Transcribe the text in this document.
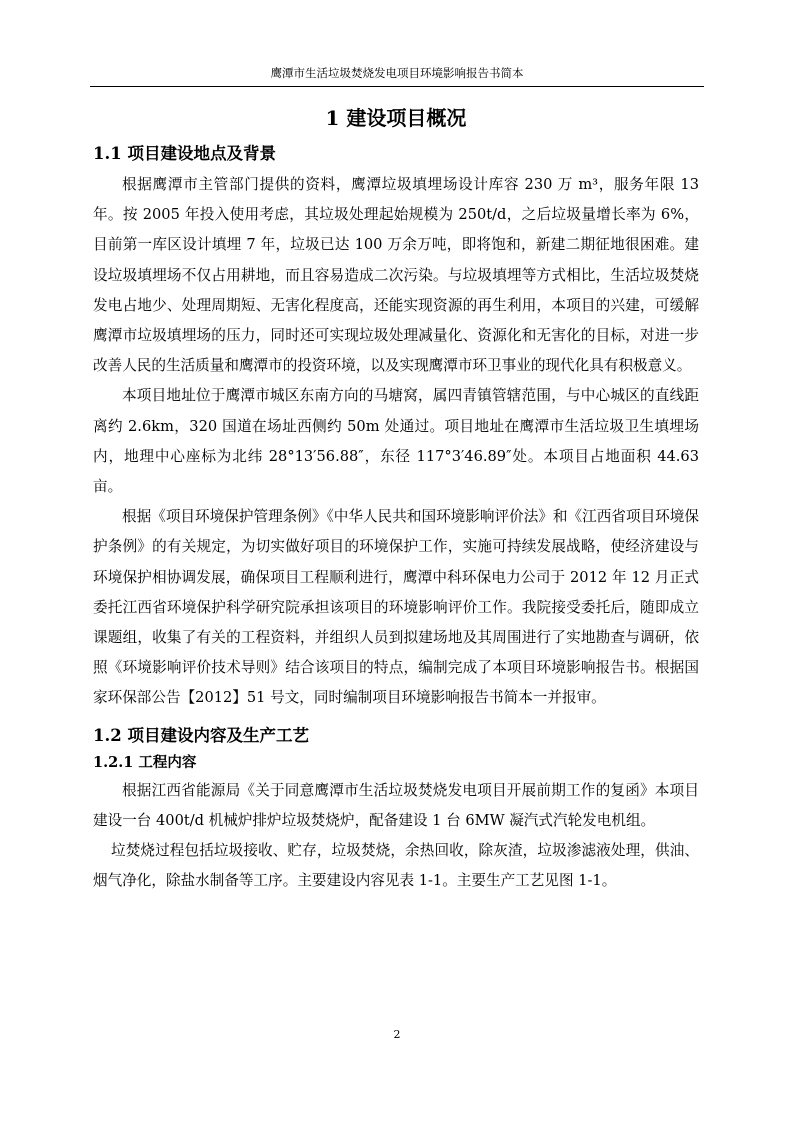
鹰潭市生活垃圾焚烧发电项目环境影响报告书简本
1 建设项目概况
1.1 项目建设地点及背景

根据鹰潭市主管部门提供的资料，鹰潭垃圾填埋场设计库容 230 万 m³，服务年限 13 年。按 2005 年投入使用考虑，其垃圾处理起始规模为 250t/d，之后垃圾量增长率为 6%，目前第一库区设计填埋 7 年，垃圾已达 100 万余万吨，即将饱和，新建二期征地很困难。建设垃圾填埋场不仅占用耕地，而且容易造成二次污染。与垃圾填埋等方式相比，生活垃圾焚烧发电占地少、处理周期短、无害化程度高，还能实现资源的再生利用，本项目的兴建，可缓解鹰潭市垃圾填埋场的压力，同时还可实现垃圾处理减量化、资源化和无害化的目标，对进一步改善人民的生活质量和鹰潭市的投资环境，以及实现鹰潭市环卫事业的现代化具有积极意义。

本项目地址位于鹰潭市城区东南方向的马塘窝，属四青镇管辖范围，与中心城区的直线距离约 2.6km，320 国道在场址西侧约 50m 处通过。项目地址在鹰潭市生活垃圾卫生填埋场内，地理中心座标为北纬 28°13′56.88″，东径 117°3′46.89″处。本项目占地面积 44.63 亩。

根据《项目环境保护管理条例》《中华人民共和国环境影响评价法》和《江西省项目环境保护条例》的有关规定，为切实做好项目的环境保护工作，实施可持续发展战略，使经济建设与环境保护相协调发展，确保项目工程顺利进行，鹰潭中科环保电力公司于 2012 年 12 月正式委托江西省环境保护科学研究院承担该项目的环境影响评价工作。我院接受委托后，随即成立课题组，收集了有关的工程资料，并组织人员到拟建场地及其周围进行了实地勘查与调研，依照《环境影响评价技术导则》结合该项目的特点，编制完成了本项目环境影响报告书。根据国家环保部公告【2012】51 号文，同时编制项目环境影响报告书简本一并报审。

1.2 项目建设内容及生产工艺
1.2.1 工程内容

根据江西省能源局《关于同意鹰潭市生活垃圾焚烧发电项目开展前期工作的复函》本项目建设一台 400t/d 机械炉排炉垃圾焚烧炉，配备建设 1 台 6MW 凝汽式汽轮发电机组。

垃焚烧过程包括垃圾接收、贮存，垃圾焚烧，余热回收，除灰渣，垃圾渗滤液处理，供油、烟气净化，除盐水制备等工序。主要建设内容见表 1-1。主要生产工艺见图 1-1。

2
